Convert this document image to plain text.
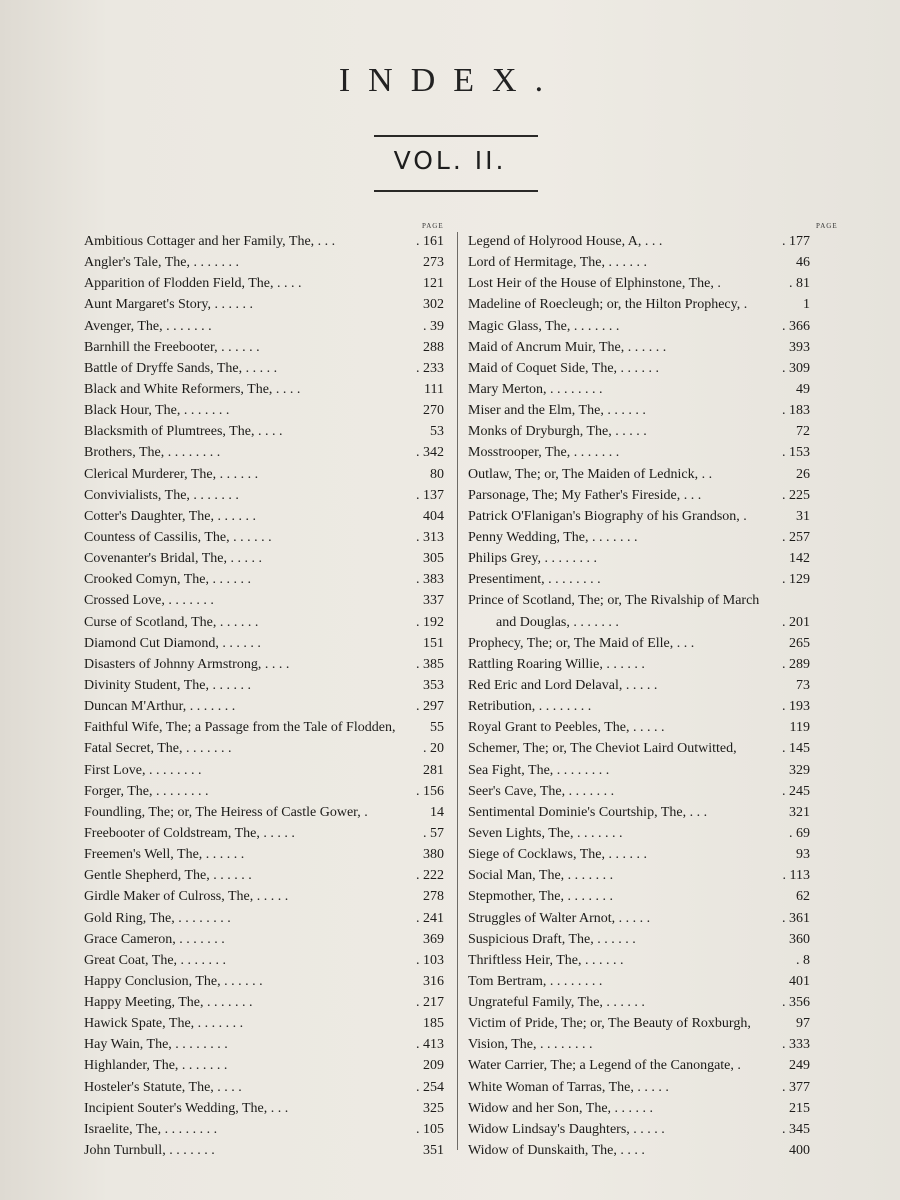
INDEX.
VOL. II.
PAGE	PAGE
Ambitious Cottager and her Family, The, . . .	. 161
Angler's Tale, The, . . . . . . .	273
Apparition of Flodden Field, The, . . . .	121
Aunt Margaret's Story, . . . . . .	302
Avenger, The, . . . . . . .	. 39
Barnhill the Freebooter, . . . . . .	288
Battle of Dryffe Sands, The, . . . . .	. 233
Black and White Reformers, The, . . . .	111
Black Hour, The, . . . . . . .	270
Blacksmith of Plumtrees, The, . . . .	53
Brothers, The, . . . . . . . .	. 342
Clerical Murderer, The, . . . . . .	80
Convivialists, The, . . . . . . .	. 137
Cotter's Daughter, The, . . . . . .	404
Countess of Cassilis, The, . . . . . .	. 313
Covenanter's Bridal, The, . . . . .	305
Crooked Comyn, The, . . . . . .	. 383
Crossed Love, . . . . . . .	337
Curse of Scotland, The, . . . . . .	. 192
Diamond Cut Diamond, . . . . . .	151
Disasters of Johnny Armstrong, . . . .	. 385
Divinity Student, The, . . . . . .	353
Duncan M'Arthur, . . . . . . .	. 297
Faithful Wife, The; a Passage from the Tale of Flodden, 55
Fatal Secret, The, . . . . . . .	. 20
First Love, . . . . . . . .	281
Forger, The, . . . . . . . .	. 156
Foundling, The; or, The Heiress of Castle Gower, .	14
Freebooter of Coldstream, The, . . . . .	. 57
Freemen's Well, The, . . . . . .	380
Gentle Shepherd, The, . . . . . .	. 222
Girdle Maker of Culross, The, . . . . .	278
Gold Ring, The, . . . . . . . .	. 241
Grace Cameron, . . . . . . .	369
Great Coat, The, . . . . . . .	. 103
Happy Conclusion, The, . . . . . .	316
Happy Meeting, The, . . . . . . .	. 217
Hawick Spate, The, . . . . . . .	185
Hay Wain, The, . . . . . . . .	. 413
Highlander, The, . . . . . . .	209
Hosteler's Statute, The, . . . .	. 254
Incipient Souter's Wedding, The, . . .	325
Israelite, The, . . . . . . . .	. 105
John Turnbull, . . . . . . .	351
Legend of Holyrood House, A, . . .	. 177
Lord of Hermitage, The, . . . . . .	46
Lost Heir of the House of Elphinstone, The, .	. 81
Madeline of Roecleugh; or, the Hilton Prophecy, .	1
Magic Glass, The, . . . . . . .	. 366
Maid of Ancrum Muir, The, . . . . . .	393
Maid of Coquet Side, The, . . . . . .	. 309
Mary Merton, . . . . . . . .	49
Miser and the Elm, The, . . . . . .	. 183
Monks of Dryburgh, The, . . . . .	72
Mosstrooper, The, . . . . . . .	. 153
Outlaw, The; or, The Maiden of Lednick, . .	26
Parsonage, The; My Father's Fireside, . . .	. 225
Patrick O'Flanigan's Biography of his Grandson, .	31
Penny Wedding, The, . . . . . . .	. 257
Philips Grey, . . . . . . . .	142
Presentiment, . . . . . . . .	. 129
Prince of Scotland, The; or, The Rivalship of March
and Douglas, . . . . . . .	. 201
Prophecy, The; or, The Maid of Elle, . . .	265
Rattling Roaring Willie, . . . . . .	. 289
Red Eric and Lord Delaval, . . . . .	73
Retribution, . . . . . . . .	. 193
Royal Grant to Peebles, The, . . . . .	119
Schemer, The; or, The Cheviot Laird Outwitted,	. 145
Sea Fight, The, . . . . . . . .	329
Seer's Cave, The, . . . . . . .	. 245
Sentimental Dominie's Courtship, The, . . .	321
Seven Lights, The, . . . . . . .	. 69
Siege of Cocklaws, The, . . . . . .	93
Social Man, The, . . . . . . .	. 113
Stepmother, The, . . . . . . .	62
Struggles of Walter Arnot, . . . . .	. 361
Suspicious Draft, The, . . . . . .	360
Thriftless Heir, The, . . . . . .	. 8
Tom Bertram, . . . . . . . .	401
Ungrateful Family, The, . . . . . .	. 356
Victim of Pride, The; or, The Beauty of Roxburgh,	97
Vision, The, . . . . . . . .	. 333
Water Carrier, The; a Legend of the Canongate, .	249
White Woman of Tarras, The, . . . . .	. 377
Widow and her Son, The, . . . . . .	215
Widow Lindsay's Daughters, . . . . .	. 345
Widow of Dunskaith, The, . . . .	400
